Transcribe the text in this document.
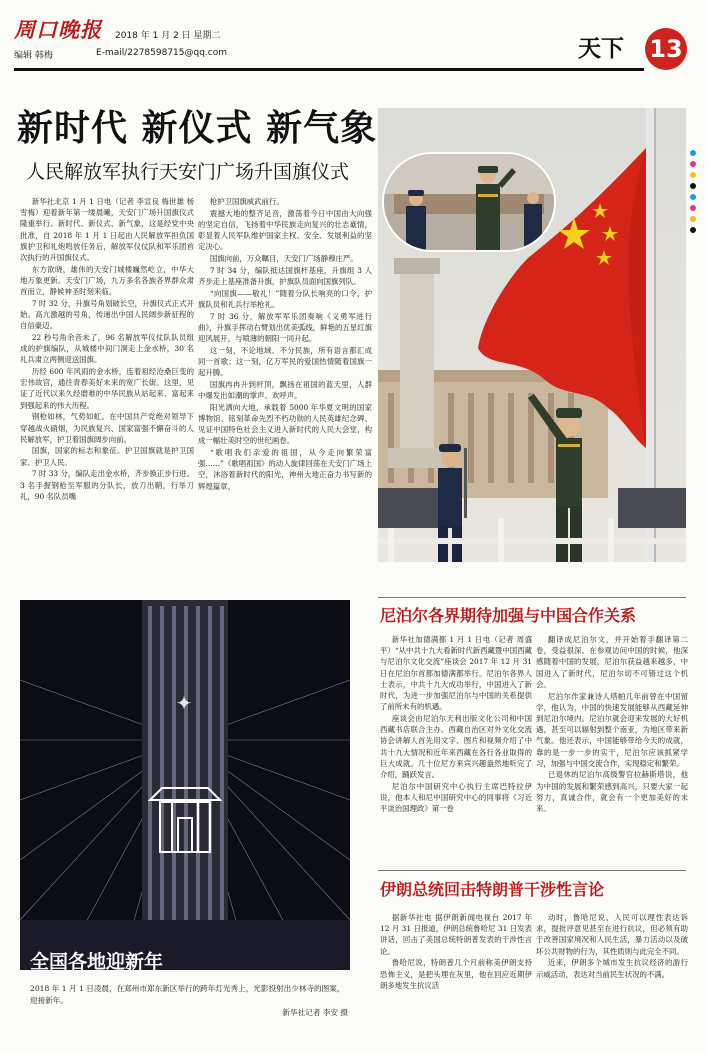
周口晚报 2018 年 1 月 2 日 星期二
编辑 韩梅	E-mail/2278598715@qq.com	天下 13
新时代 新仪式 新气象
人民解放军执行天安门广场升国旗仪式

新华社北京 1 月 1 日电（记者 李宣良 梅世雄 杨雪梅）迎着新年第一缕晨曦，天安门广场升国旗仪式隆重举行。新时代、新仪式、新气象，这是经党中央批准，自 2018 年 1 月 1 日起由人民解放军担负国旗护卫和礼炮鸣放任务后，解放军仪仗队和军乐团首次执行的升国旗仪式。

东方欲晓，雄伟的天安门城楼巍然屹立，中华大地万象更新。天安门广场，九万多名各族各界群众肃首而立，静候神圣时刻来临。

7 时 32 分，升旗号角划破长空，升旗仪式正式开始。高亢激越的号角，传递出中国人民阔步新征程的自信豪迈。

22 秒号角余音未了，96 名解放军仪仗队队员组成的护旗编队，从城楼中间门洞走上金水桥，30 名礼兵肃立两侧迎送国旗。

历经 600 年风雨的金水桥，连着祖经沧桑巨变的宏伟故宫，通往青春美好未来的宽广长街。这里，见证了近代以来久经磨难的中华民族从站起来、富起来到强起来的伟大历程。

钢枪如林，气势如虹。在中国共产党绝对领导下穿越战火硝烟，为民族复兴、国家富强不懈奋斗的人民解放军，护卫着国旗阔步向前。

国旗，国家的标志和象征。护卫国旗就是护卫国家、护卫人民。

7 时 33 分，编队走出金水桥，齐步换正步行进。3 名手握钢枪至军服的分队长，放刀出鞘，行举刀礼，90 名队员嘴

枪护卫国旗威武前行。

震撼大地的整齐足音，激荡着今日中国由大向强的坚定自信，飞扬着中华民族走向复兴的壮志豪情，彰显着人民军队维护国家主权、安全、发展利益的坚定决心。

国旗向前，万众瞩目，天安门广场静穆庄严。

7 时 34 分，编队抵达国旗杆基座，升旗组 3 人齐步走上基座准备升旗，护旗队员面向国旗列队。

“向国旗——敬礼！”随着分队长响亮的口令，护旗队员和礼兵行举枪礼。

7 时 36 分，解放军军乐团奏响《义勇军进行曲》，升旗手挥动右臂划出优美弧线，鲜艳的五星红旗迎风展开，与喷薄的朝阳一同升起。

这一刻，不论地域、不分民族，所有语言都汇成同一首歌；这一刻，亿万军民的爱国热情随着国旗一起升腾。

国旗冉冉升到杆顶，飘扬在祖国的蓝天里，人群中爆发出如潮的掌声、欢呼声。

阳光洒向大地，承载着 5000 年华夏文明的国家博物馆、铭刻革命先烈不朽功勋的人民英雄纪念碑、见证中国特色社会主义进入新时代的人民大会堂，构成一幅壮美时空的世纪画卷。

“歌唱我们亲爱的祖国，从今走向繁荣富强……”《歌唱祖国》的动人旋律回荡在天安门广场上空，沐浴着新时代的阳光，神州大地正奋力书写新的辉煌篇章。

尼泊尔各界期待加强与中国合作关系

新华社加德满都 1 月 1 日电（记者 周盛平）“从中共十九大看新时代新西藏暨中国西藏与尼泊尔文化交流”座谈会 2017 年 12 月 31 日在尼泊尔首都加德满都举行。尼泊尔各界人士表示，中共十九大成功举行，中国进入了新时代，为进一步加强尼泊尔与中国的关系提供了前所未有的机遇。

座谈会由尼泊尔天利出版文化公司和中国西藏书店联合主办。西藏自治区对外文化交流协会讲解人首先用文字、图片和视频介绍了中共十九大情况和近年来西藏在各行各业取得的巨大成就。几十位尼方来宾兴趣盎然地听完了介绍，踊跃发言。

尼泊尔中国研究中心执行主席巴特拉伊说，他本人和尼中国研究中心的同事将《习近平谈治国理政》第一卷

翻译成尼泊尔文，并开始着手翻译第二卷，受益很深。在参观访问中国的时候，他深感随着中国的发展，尼泊尔获益越来越多，中国进入了新时代，尼泊尔切不可错过这个机会。

尼泊尔作家兼诗人塔帕几年前曾在中国留学，他认为，中国的快速发展能够从西藏延伸到尼泊尔境内。尼泊尔就会迎来发展的大好机遇，甚至可以辐射到整个南亚，为地区带来新气象。他还表示，中国能够带给今天的成就，靠的是一步一步的实干，尼泊尔应该抓紧学习，加强与中国交流合作，实现稳定和繁荣。

已退休的尼泊尔高级警官拉赫斯塔说，他为中国的发展和繁荣感到高兴，只要大家一起努力，真诚合作，就会有一个更加美好的未来。

伊朗总统回击特朗普干涉性言论

据新华社电 据伊朗新闻电视台 2017 年 12 月 31 日报道，伊朗总统鲁哈尼 31 日发表讲话，回击了美国总统特朗普发表的干涉性言论。

鲁哈尼说，特朗普几个月前称美伊朗支持恐怖主义，是把头埋在灰里，他在回应近期伊朗多地发生抗议活

动时，鲁哈尼说，人民可以理性表达诉求，提批评意见甚至在进行抗议，但必须有助于改善国家境况和人民生活，暴力活动以及破坏公共财物的行为，其性质则与此完全不同。

近来，伊朗多个城市发生抗议经济的游行示威活动，表达对当前民生状况的不满。

✦
全国各地迎新年
2018 年 1 月 1 日凌晨，在郑州市郑东新区举行的跨年灯光秀上，光影投射出少林寺的图案，迎接新年。
新华社记者 李安 摄
